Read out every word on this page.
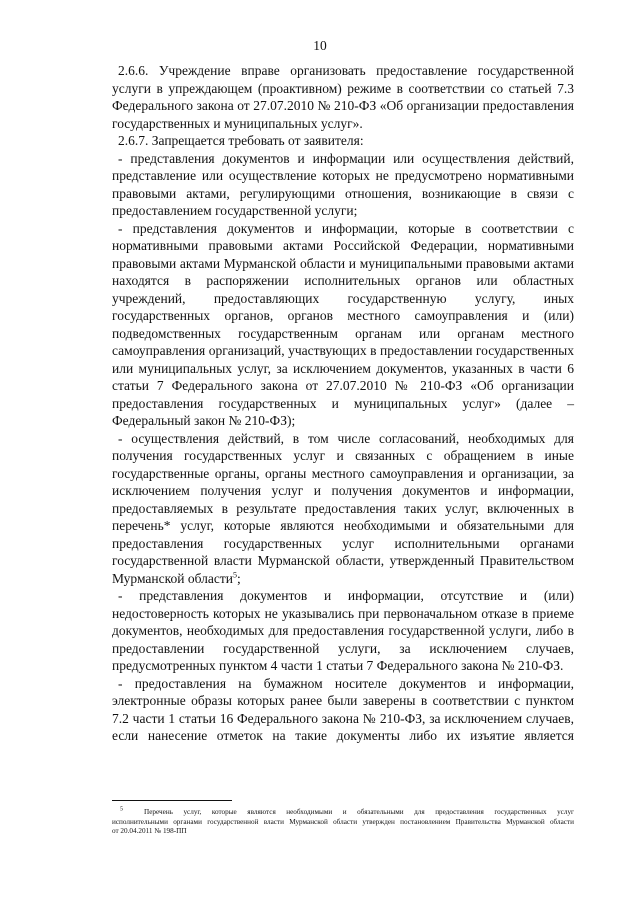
10
2.6.6. Учреждение вправе организовать предоставление государственной
услуги в упреждающем (проактивном) режиме в соответствии со статьей 7.3
Федерального закона от 27.07.2010 № 210-ФЗ «Об организации предоставления
государственных и муниципальных услуг».
2.6.7. Запрещается требовать от заявителя:
- представления документов и информации или осуществления действий,
представление или осуществление которых не предусмотрено нормативными
правовыми актами, регулирующими отношения, возникающие в связи с
предоставлением государственной услуги;
- представления документов и информации, которые в соответствии с
нормативными правовыми актами Российской Федерации, нормативными
правовыми актами Мурманской области и муниципальными правовыми актами
находятся в распоряжении исполнительных органов или областных
учреждений, предоставляющих государственную услугу, иных
государственных органов, органов местного самоуправления и (или)
подведомственных государственным органам или органам местного
самоуправления организаций, участвующих в предоставлении государственных
или муниципальных услуг, за исключением документов, указанных в части 6
статьи 7 Федерального закона от 27.07.2010 № 210-ФЗ «Об организации
предоставления государственных и муниципальных услуг» (далее –
Федеральный закон № 210-ФЗ);
- осуществления действий, в том числе согласований, необходимых для
получения государственных услуг и связанных с обращением в иные
государственные органы, органы местного самоуправления и организации, за
исключением получения услуг и получения документов и информации,
предоставляемых в результате предоставления таких услуг, включенных в
перечень* услуг, которые являются необходимыми и обязательными для
предоставления государственных услуг исполнительными органами
государственной власти Мурманской области, утвержденный Правительством
Мурманской области$^5$;
- представления документов и информации, отсутствие и (или)
недостоверность которых не указывались при первоначальном отказе в приеме
документов, необходимых для предоставления государственной услуги, либо в
предоставлении государственной услуги, за исключением случаев,
предусмотренных пунктом 4 части 1 статьи 7 Федерального закона № 210-ФЗ.
- предоставления на бумажном носителе документов и информации,
электронные образы которых ранее были заверены в соответствии с пунктом
7.2 части 1 статьи 16 Федерального закона № 210-ФЗ, за исключением случаев,
если нанесение отметок на такие документы либо их изъятие является
$^5$	Перечень услуг, которые являются необходимыми и обязательными для предоставления государственных услуг
исполнительными органами государственной власти Мурманской области утвержден постановлением Правительства Мурманской области
от 20.04.2011 № 198-ПП
